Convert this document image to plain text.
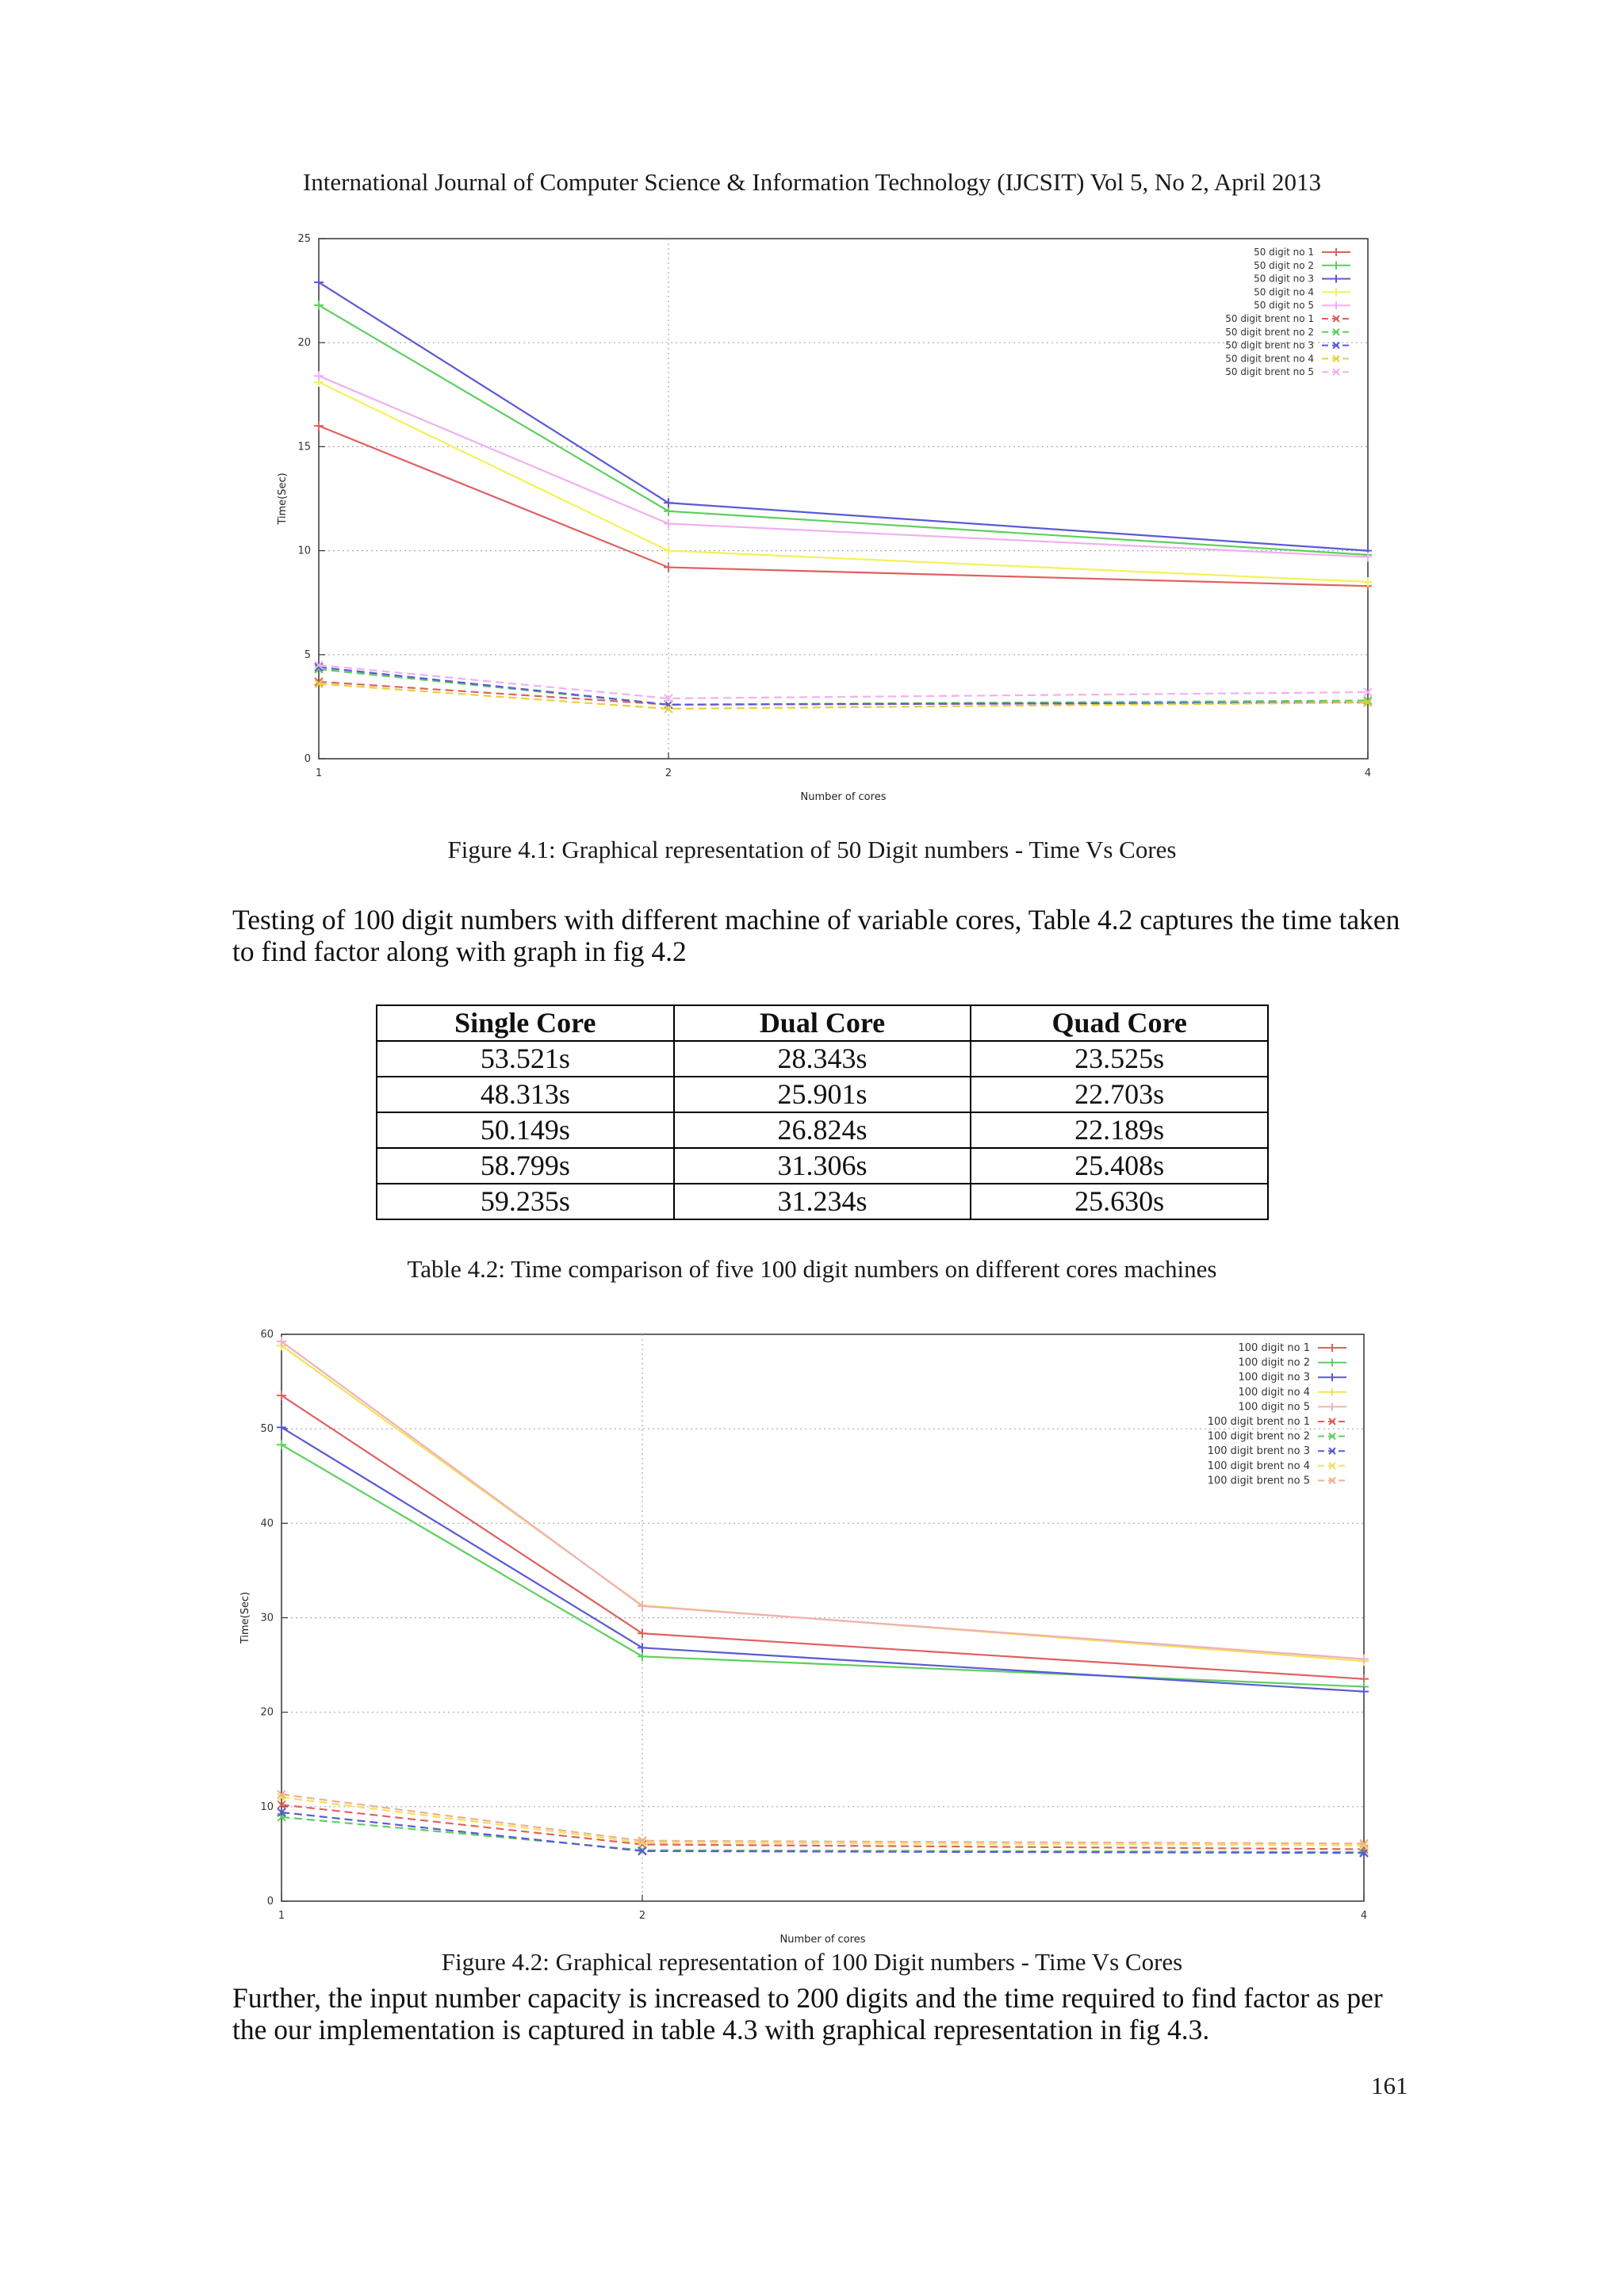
International Journal of Computer Science & Information Technology (IJCSIT) Vol 5, No 2, April 2013
0
5
10
15
20
25
1	2	4
Number of cores
Time(Sec)
50 digit no 1
50 digit no 2
50 digit no 3
50 digit no 4
50 digit no 5
50 digit brent no 1
50 digit brent no 2
50 digit brent no 3
50 digit brent no 4
50 digit brent no 5
Figure 4.1: Graphical representation of 50 Digit numbers - Time Vs Cores
Testing of 100 digit numbers with different machine of variable cores, Table 4.2 captures the time taken to find factor along with graph in fig 4.2
Single Core	Dual Core	Quad Core
53.521s	28.343s	23.525s
48.313s	25.901s	22.703s
50.149s	26.824s	22.189s
58.799s	31.306s	25.408s
59.235s	31.234s	25.630s
Table 4.2: Time comparison of five 100 digit numbers on different cores machines
0
10
20
30
40
50
60
1	2	4
Number of cores
Time(Sec)
100 digit no 1
100 digit no 2
100 digit no 3
100 digit no 4
100 digit no 5
100 digit brent no 1
100 digit brent no 2
100 digit brent no 3
100 digit brent no 4
100 digit brent no 5
Figure 4.2: Graphical representation of 100 Digit numbers - Time Vs Cores
Further, the input number capacity is increased to 200 digits and the time required to find factor as per the our implementation is captured in table 4.3 with graphical representation in fig 4.3.
161
